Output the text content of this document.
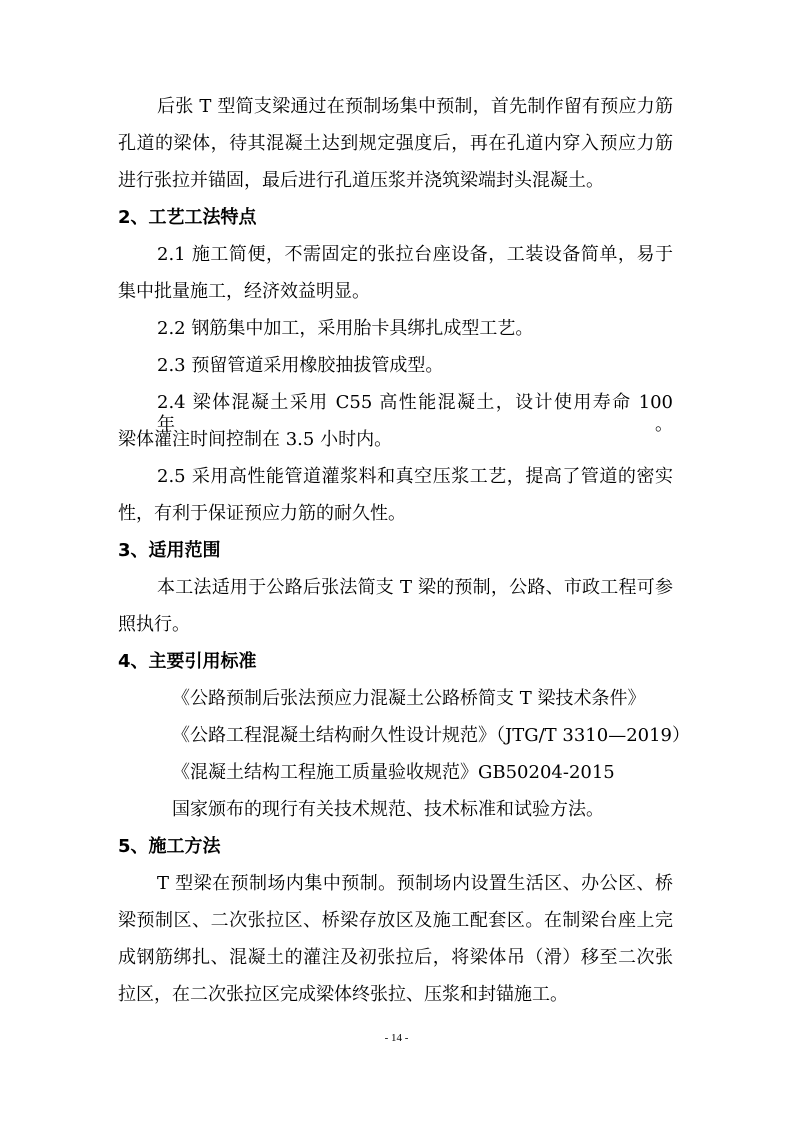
后张 T 型简支梁通过在预制场集中预制，首先制作留有预应力筋
孔道的梁体，待其混凝土达到规定强度后，再在孔道内穿入预应力筋
进行张拉并锚固，最后进行孔道压浆并浇筑梁端封头混凝土。
2、工艺工法特点
2.1 施工简便，不需固定的张拉台座设备，工装设备简单，易于
集中批量施工，经济效益明显。
2.2 钢筋集中加工，采用胎卡具绑扎成型工艺。
2.3 预留管道采用橡胶抽拔管成型。
2.4 梁体混凝土采用 C55 高性能混凝土，设计使用寿命 100 年。
梁体灌注时间控制在 3.5 小时内。
2.5 采用高性能管道灌浆料和真空压浆工艺，提高了管道的密实
性，有利于保证预应力筋的耐久性。
3、适用范围
本工法适用于公路后张法简支 T 梁的预制，公路、市政工程可参
照执行。
4、主要引用标准
《公路预制后张法预应力混凝土公路桥简支 T 梁技术条件》
《公路工程混凝土结构耐久性设计规范》（JTG/T 3310—2019）
《混凝土结构工程施工质量验收规范》GB50204-2015
国家颁布的现行有关技术规范、技术标准和试验方法。
5、施工方法
T 型梁在预制场内集中预制。预制场内设置生活区、办公区、桥
梁预制区、二次张拉区、桥梁存放区及施工配套区。在制梁台座上完
成钢筋绑扎、混凝土的灌注及初张拉后，将梁体吊（滑）移至二次张
拉区，在二次张拉区完成梁体终张拉、压浆和封锚施工。
- 14 -
